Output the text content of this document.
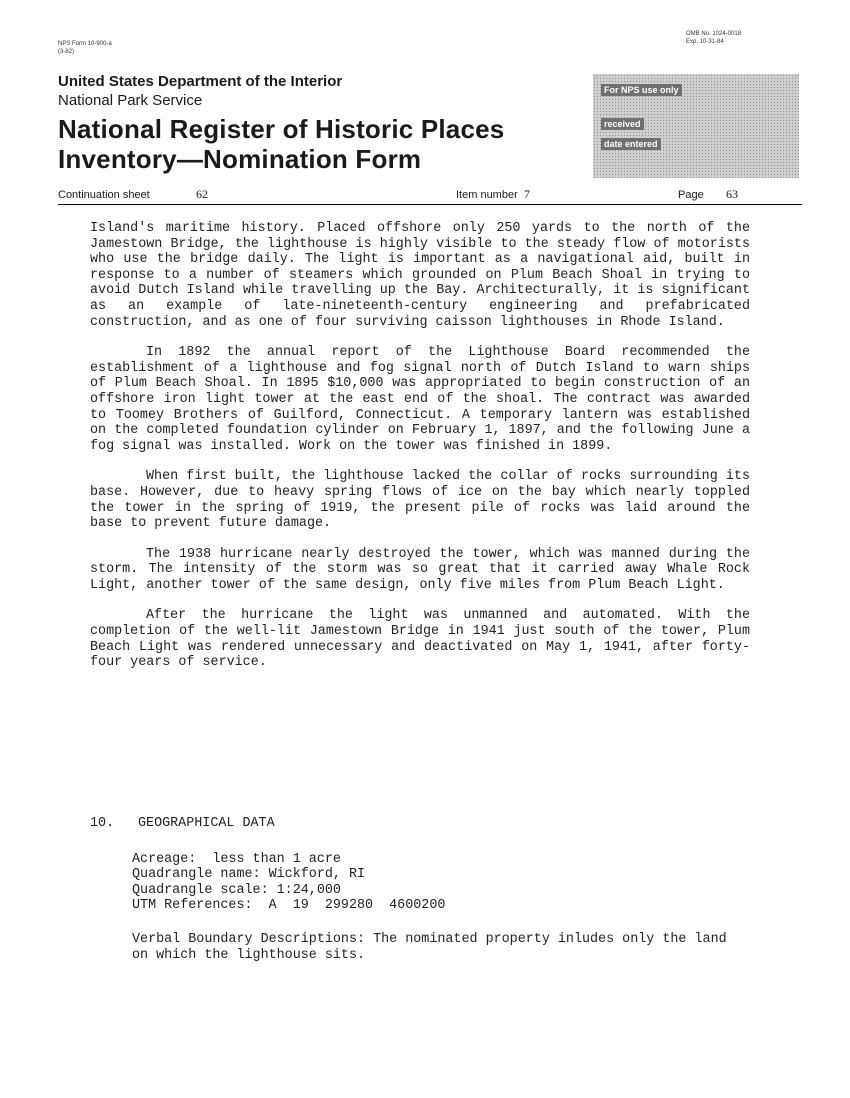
NPS Form 10-900-a
(3-82)
OMB No. 1024-0018
Exp. 10-31-84
United States Department of the Interior
National Park Service
National Register of Historic Places
Inventory—Nomination Form
For NPS use only
received
date entered
Continuation sheet	62	Item number 7	Page 63

Island's maritime history. Placed offshore only 250 yards to the north of the Jamestown Bridge, the lighthouse is highly visible to the steady flow of motorists who use the bridge daily. The light is important as a navigational aid, built in response to a number of steamers which grounded on Plum Beach Shoal in trying to avoid Dutch Island while travelling up the Bay. Architecturally, it is significant as an example of late-nineteenth-century engineering and prefabricated construction, and as one of four surviving caisson lighthouses in Rhode Island.

In 1892 the annual report of the Lighthouse Board recommended the establishment of a lighthouse and fog signal north of Dutch Island to warn ships of Plum Beach Shoal. In 1895 $10,000 was appropriated to begin construction of an offshore iron light tower at the east end of the shoal. The contract was awarded to Toomey Brothers of Guilford, Connecticut. A temporary lantern was established on the completed foundation cylinder on February 1, 1897, and the following June a fog signal was installed. Work on the tower was finished in 1899.

When first built, the lighthouse lacked the collar of rocks surrounding its base. However, due to heavy spring flows of ice on the bay which nearly toppled the tower in the spring of 1919, the present pile of rocks was laid around the base to prevent future damage.

The 1938 hurricane nearly destroyed the tower, which was manned during the storm. The intensity of the storm was so great that it carried away Whale Rock Light, another tower of the same design, only five miles from Plum Beach Light.

After the hurricane the light was unmanned and automated. With the completion of the well-lit Jamestown Bridge in 1941 just south of the tower, Plum Beach Light was rendered unnecessary and deactivated on May 1, 1941, after forty-four years of service.

10. GEOGRAPHICAL DATA
Acreage:  less than 1 acre
Quadrangle name: Wickford, RI
Quadrangle scale: 1:24,000
UTM References:  A  19  299280  4600200
Verbal Boundary Descriptions: The nominated property inludes only the land on which the lighthouse sits.
